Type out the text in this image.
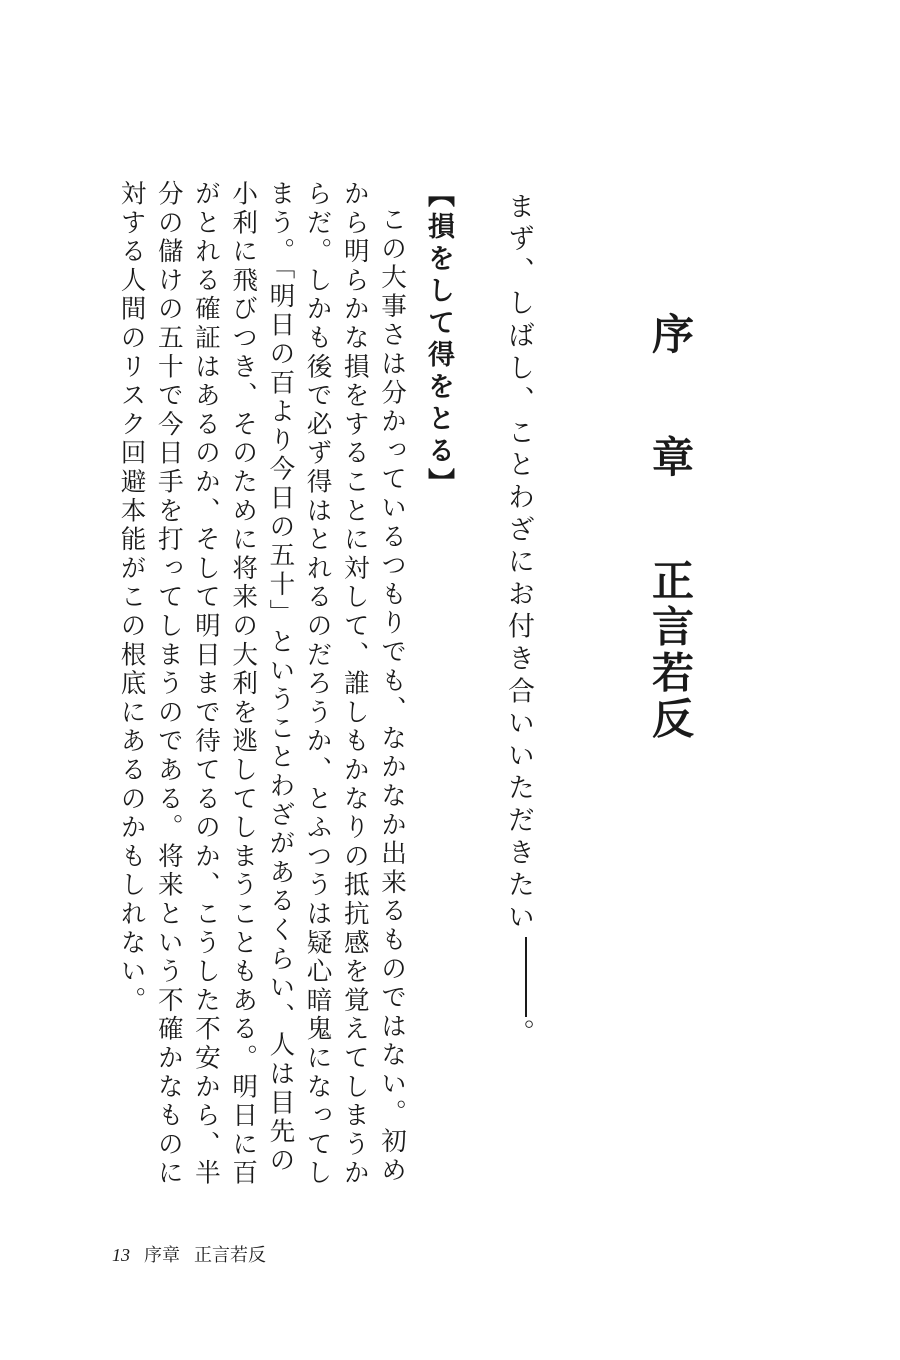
序  章  正言若反
まず、しばし、ことわざにお付き合いいただきたい。
【損をして得をとる】

この大事さは分かっているつもりでも、なかなか出来るものではない。初めから明らかな損をすることに対して、誰しもかなりの抵抗感を覚えてしまうからだ。しかも後で必ず得はとれるのだろうか、とふつうは疑心暗鬼になってしまう。「明日の百より今日の五十」ということわざがあるくらい、人は目先の小利に飛びつき、そのために将来の大利を逃してしまうこともある。明日に百がとれる確証はあるのか、そして明日まで待てるのか、こうした不安から、半分の儲けの五十で今日手を打ってしまうのである。将来という不確かなものに対する人間のリスク回避本能がこの根底にあるのかもしれない。

13 序章 正言若反
